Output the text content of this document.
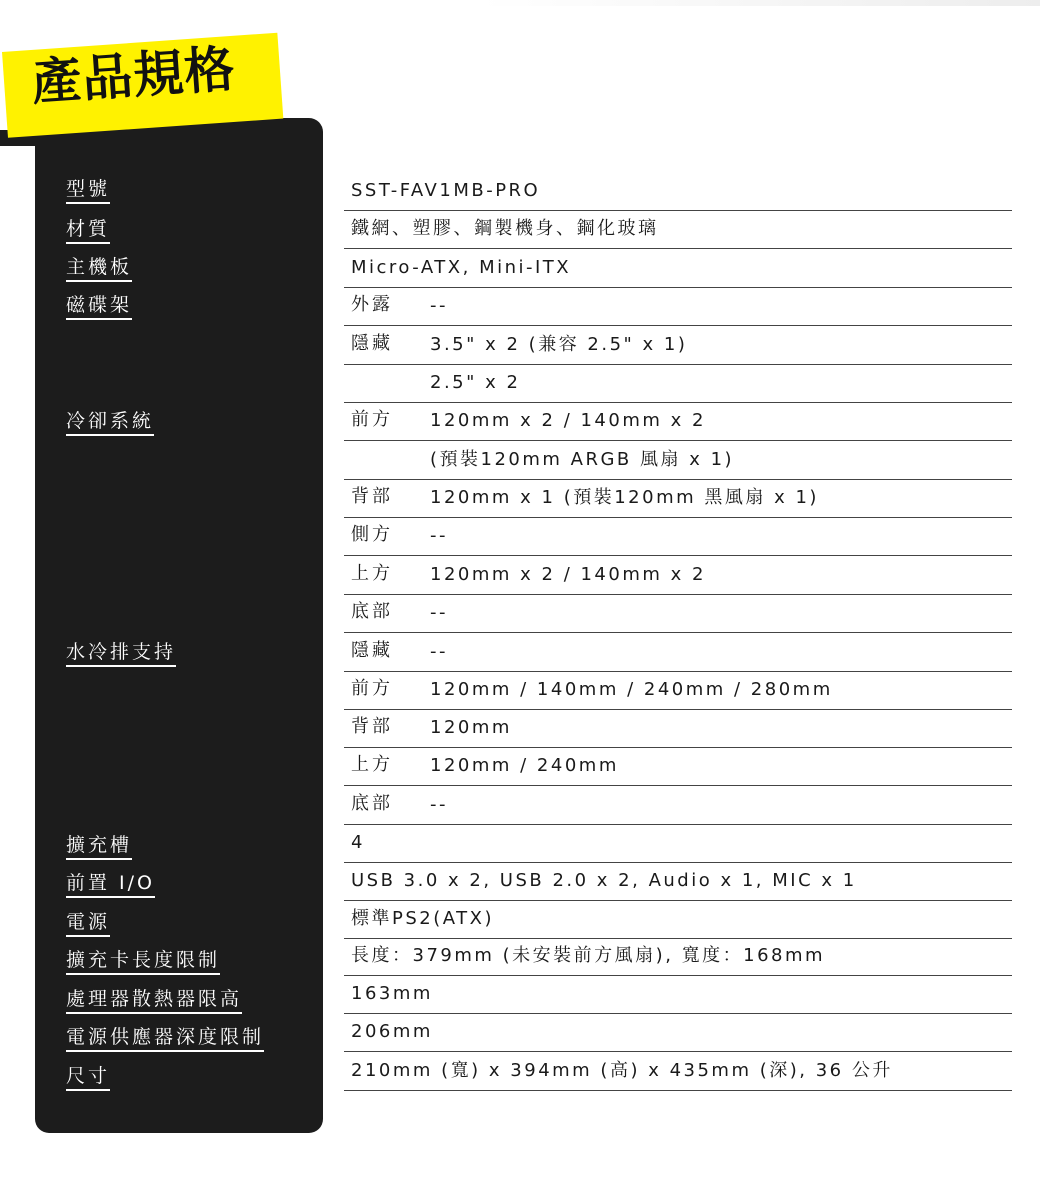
產品規格
型號
材質
主機板
磁碟架
冷卻系統
水冷排支持
擴充槽
前置 I/O
電源
擴充卡長度限制
處理器散熱器限高
電源供應器深度限制
尺寸
SST-FAV1MB-PRO
鐵網、塑膠、鋼製機身、鋼化玻璃
Micro-ATX, Mini-ITX
外露 --
隱藏 3.5" x 2 (兼容 2.5" x 1)
2.5" x 2
前方 120mm x 2 / 140mm x 2
(預裝120mm ARGB 風扇 x 1)
背部 120mm x 1 (預裝120mm 黑風扇 x 1)
側方 --
上方 120mm x 2 / 140mm x 2
底部 --
隱藏 --
前方 120mm / 140mm / 240mm / 280mm
背部 120mm
上方 120mm / 240mm
底部 --
4
USB 3.0 x 2, USB 2.0 x 2, Audio x 1, MIC x 1
標準PS2(ATX)
長度：379mm (未安裝前方風扇), 寬度：168mm
163mm
206mm
210mm (寬) x 394mm (高) x 435mm (深), 36 公升
